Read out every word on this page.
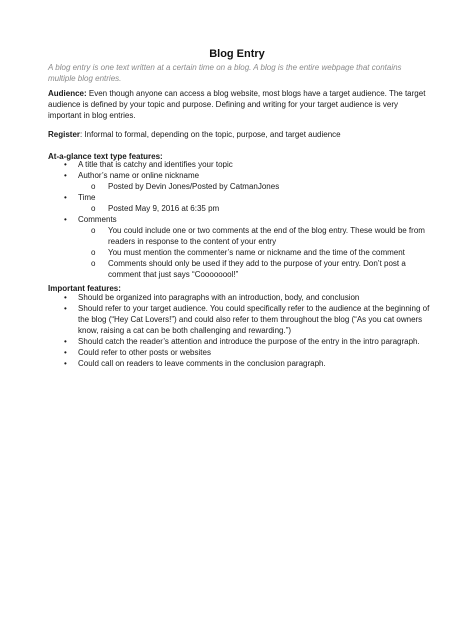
Blog Entry
A blog entry is one text written at a certain time on a blog. A blog is the entire webpage that contains multiple blog entries.
Audience: Even though anyone can access a blog website, most blogs have a target audience. The target audience is defined by your topic and purpose. Defining and writing for your target audience is very important in blog entries.
Register: Informal to formal, depending on the topic, purpose, and target audience
At-a-glance text type features:
• A title that is catchy and identifies your topic
• Author’s name or online nickname
o Posted by Devin Jones/Posted by CatmanJones
• Time
o Posted May 9, 2016 at 6:35 pm
• Comments
o You could include one or two comments at the end of the blog entry. These would be from readers in response to the content of your entry
o You must mention the commenter’s name or nickname and the time of the comment
o Comments should only be used if they add to the purpose of your entry. Don’t post a comment that just says “Coooooool!”
Important features:
• Should be organized into paragraphs with an introduction, body, and conclusion
• Should refer to your target audience. You could specifically refer to the audience at the beginning of the blog (“Hey Cat Lovers!”) and could also refer to them throughout the blog (“As you cat owners know, raising a cat can be both challenging and rewarding.”)
• Should catch the reader’s attention and introduce the purpose of the entry in the intro paragraph.
• Could refer to other posts or websites
• Could call on readers to leave comments in the conclusion paragraph.
